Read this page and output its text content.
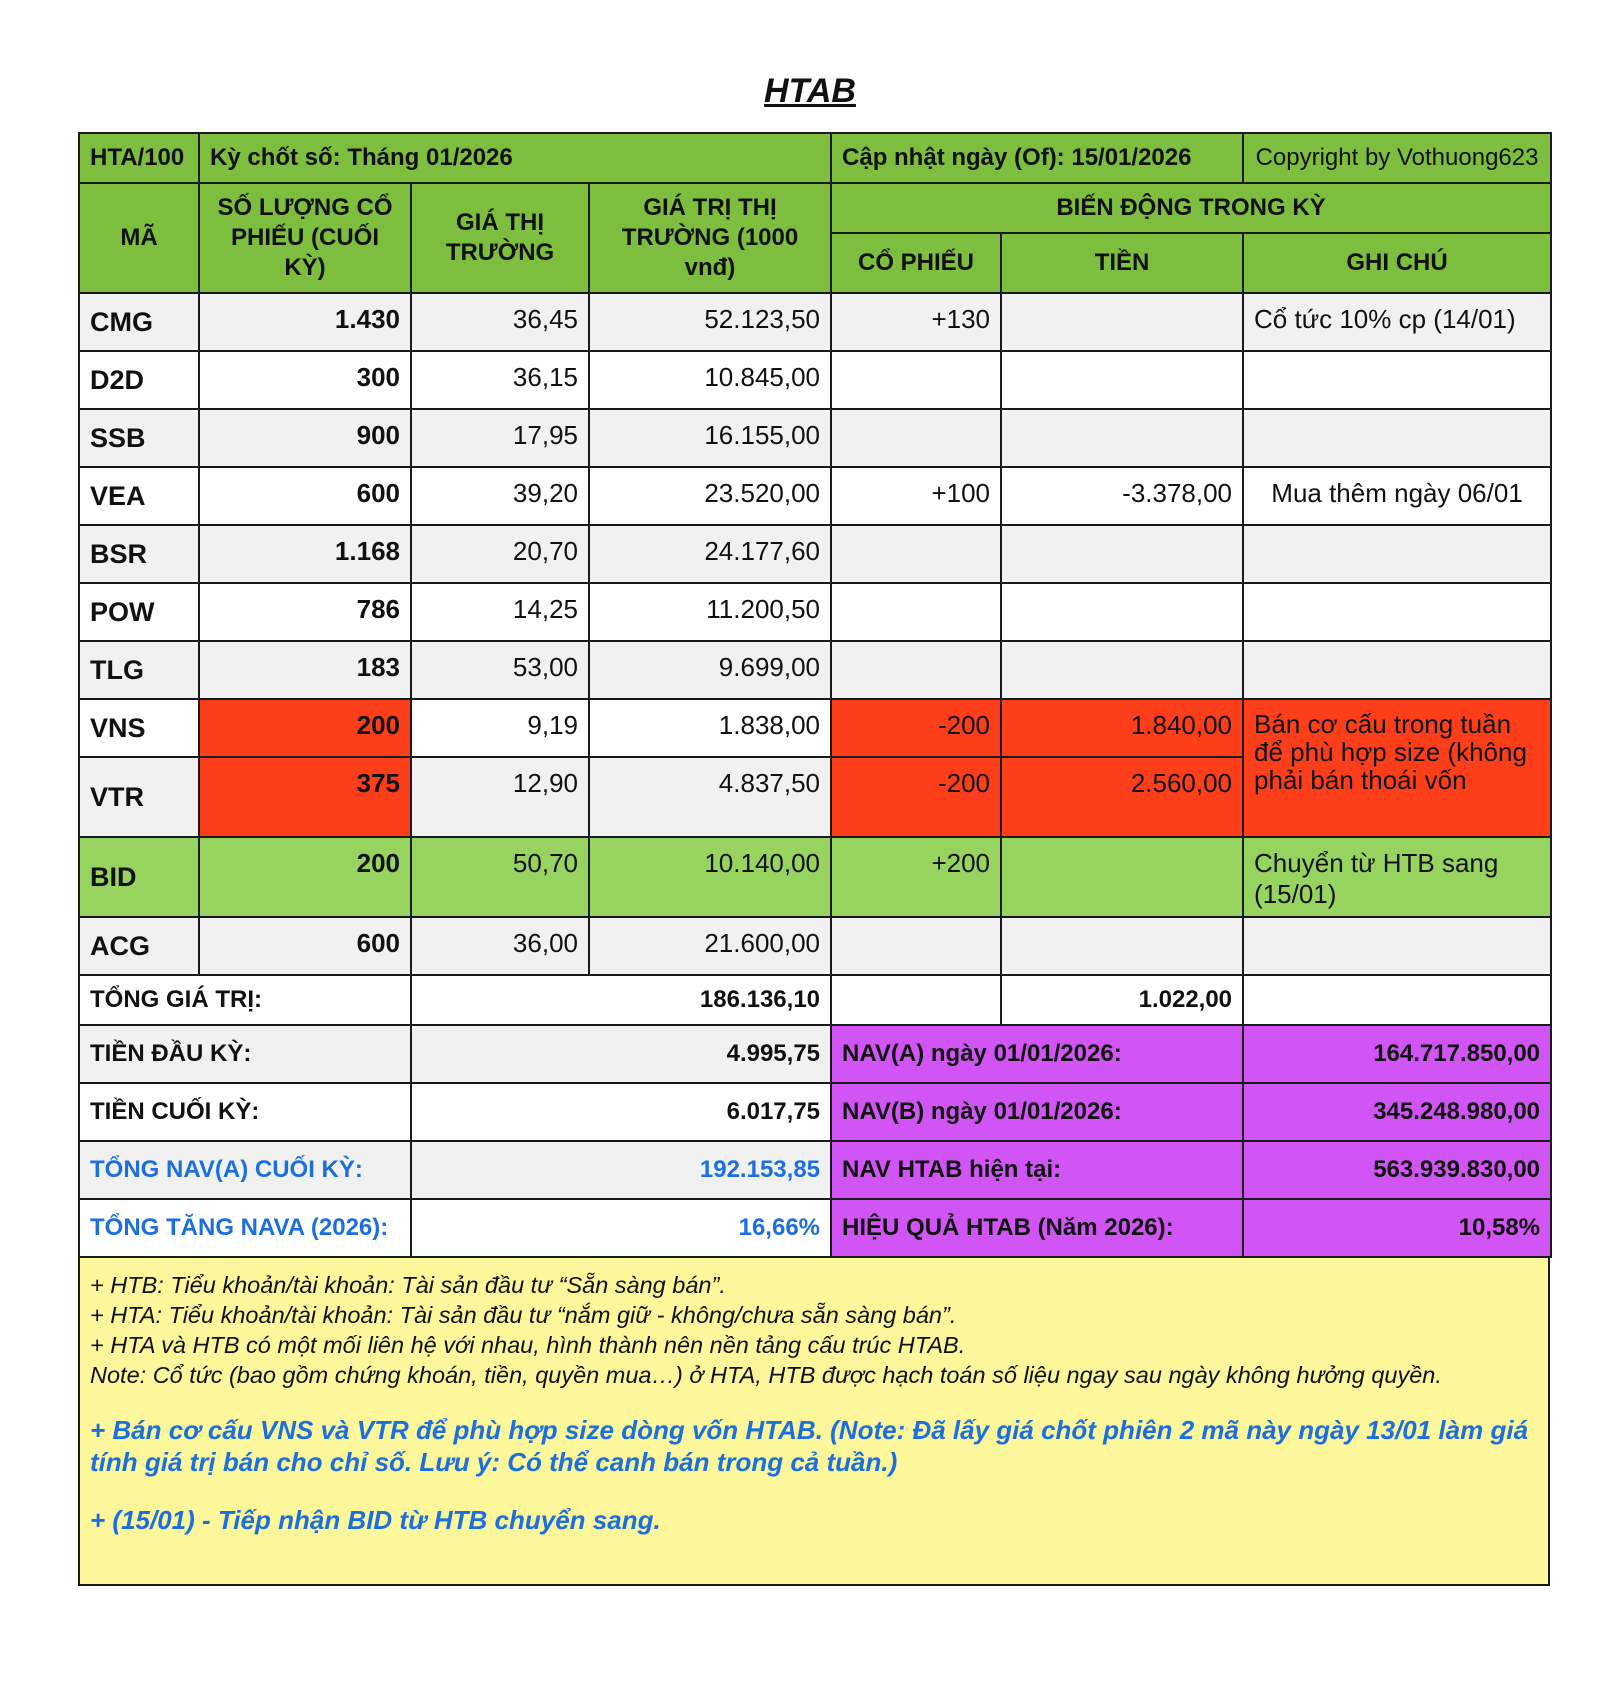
HTAB
HTA/100	Kỳ chốt số: Tháng 01/2026			Cập nhật ngày (Of): 15/01/2026		Copyright by Vothuong623
MÃ	SỐ LƯỢNG CỔ PHIẾU (CUỐI KỲ)	GIÁ THỊ TRƯỜNG	GIÁ TRỊ THỊ TRƯỜNG (1000 vnđ)	BIẾN ĐỘNG TRONG KỲ		
				CỔ PHIẾU	TIỀN	GHI CHÚ
CMG	1.430	36,45	52.123,50	+130		Cổ tức 10% cp (14/01)
D2D	300	36,15	10.845,00			
SSB	900	17,95	16.155,00			
VEA	600	39,20	23.520,00	+100	-3.378,00	Mua thêm ngày 06/01
BSR	1.168	20,70	24.177,60			
POW	786	14,25	11.200,50			
TLG	183	53,00	9.699,00			
VNS	200	9,19	1.838,00	-200	1.840,00	Bán cơ cấu trong tuần để phù hợp size (không phải bán thoái vốn
VTR	375	12,90	4.837,50	-200	2.560,00	
BID	200	50,70	10.140,00	+200		Chuyển từ HTB sang (15/01)
ACG	600	36,00	21.600,00			
TỔNG GIÁ TRỊ:		186.136,10			1.022,00	
TIỀN ĐẦU KỲ:		4.995,75		NAV(A) ngày 01/01/2026:		164.717.850,00
TIỀN CUỐI KỲ:		6.017,75		NAV(B) ngày 01/01/2026:		345.248.980,00
TỔNG NAV(A) CUỐI KỲ:		192.153,85		NAV HTAB hiện tại:		563.939.830,00
TỔNG TĂNG NAVA (2026):		16,66%		HIỆU QUẢ HTAB (Năm 2026):		10,58%
+ HTB: Tiểu khoản/tài khoản: Tài sản đầu tư “Sẵn sàng bán”.
+ HTA: Tiểu khoản/tài khoản: Tài sản đầu tư “nắm giữ - không/chưa sẵn sàng bán”.
+ HTA và HTB có một mối liên hệ với nhau, hình thành nên nền tảng cấu trúc HTAB.
Note: Cổ tức (bao gồm chứng khoán, tiền, quyền mua…) ở HTA, HTB được hạch toán số liệu ngay sau ngày không hưởng quyền.
+ Bán cơ cấu VNS và VTR để phù hợp size dòng vốn HTAB. (Note: Đã lấy giá chốt phiên 2 mã này ngày 13/01 làm giá tính giá trị bán cho chỉ số. Lưu ý: Có thể canh bán trong cả tuần.)
+ (15/01) - Tiếp nhận BID từ HTB chuyển sang.
